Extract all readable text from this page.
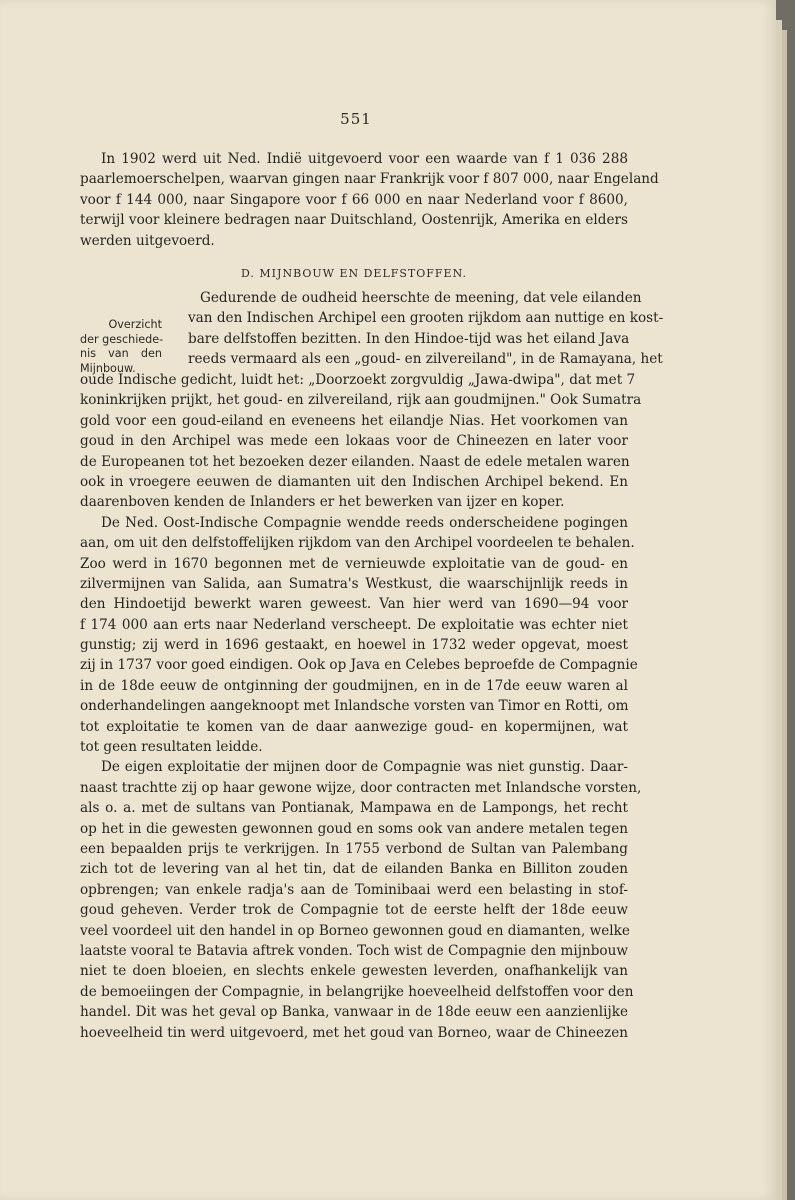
551
In 1902 werd uit Ned. Indië uitgevoerd voor een waarde van f 1 036 288
paarlemoerschelpen, waarvan gingen naar Frankrijk voor f 807 000, naar Engeland
voor f 144 000, naar Singapore voor f 66 000 en naar Nederland voor f 8600,
terwijl voor kleinere bedragen naar Duitschland, Oostenrijk, Amerika en elders
werden uitgevoerd.
D. MIJNBOUW EN DELFSTOFFEN.
Overzicht
der geschiede-
nis van den
Mijnbouw.
Gedurende de oudheid heerschte de meening, dat vele eilanden
van den Indischen Archipel een grooten rijkdom aan nuttige en kost-
bare delfstoffen bezitten. In den Hindoe-tijd was het eiland Java
reeds vermaard als een „goud- en zilvereiland", in de Ramayana, het
oude Indische gedicht, luidt het: „Doorzoekt zorgvuldig „Jawa-dwipa", dat met 7
koninkrijken prijkt, het goud- en zilvereiland, rijk aan goudmijnen." Ook Sumatra
gold voor een goud-eiland en eveneens het eilandje Nias. Het voorkomen van
goud in den Archipel was mede een lokaas voor de Chineezen en later voor
de Europeanen tot het bezoeken dezer eilanden. Naast de edele metalen waren
ook in vroegere eeuwen de diamanten uit den Indischen Archipel bekend. En
daarenboven kenden de Inlanders er het bewerken van ijzer en koper.
De Ned. Oost-Indische Compagnie wendde reeds onderscheidene pogingen
aan, om uit den delfstoffelijken rijkdom van den Archipel voordeelen te behalen.
Zoo werd in 1670 begonnen met de vernieuwde exploitatie van de goud- en
zilvermijnen van Salida, aan Sumatra's Westkust, die waarschijnlijk reeds in
den Hindoetijd bewerkt waren geweest. Van hier werd van 1690—94 voor
f 174 000 aan erts naar Nederland verscheept. De exploitatie was echter niet
gunstig; zij werd in 1696 gestaakt, en hoewel in 1732 weder opgevat, moest
zij in 1737 voor goed eindigen. Ook op Java en Celebes beproefde de Compagnie
in de 18de eeuw de ontginning der goudmijnen, en in de 17de eeuw waren al
onderhandelingen aangeknoopt met Inlandsche vorsten van Timor en Rotti, om
tot exploitatie te komen van de daar aanwezige goud- en kopermijnen, wat
tot geen resultaten leidde.
De eigen exploitatie der mijnen door de Compagnie was niet gunstig. Daar-
naast trachtte zij op haar gewone wijze, door contracten met Inlandsche vorsten,
als o. a. met de sultans van Pontianak, Mampawa en de Lampongs, het recht
op het in die gewesten gewonnen goud en soms ook van andere metalen tegen
een bepaalden prijs te verkrijgen. In 1755 verbond de Sultan van Palembang
zich tot de levering van al het tin, dat de eilanden Banka en Billiton zouden
opbrengen; van enkele radja's aan de Tominibaai werd een belasting in stof-
goud geheven. Verder trok de Compagnie tot de eerste helft der 18de eeuw
veel voordeel uit den handel in op Borneo gewonnen goud en diamanten, welke
laatste vooral te Batavia aftrek vonden. Toch wist de Compagnie den mijnbouw
niet te doen bloeien, en slechts enkele gewesten leverden, onafhankelijk van
de bemoeiingen der Compagnie, in belangrijke hoeveelheid delfstoffen voor den
handel. Dit was het geval op Banka, vanwaar in de 18de eeuw een aanzienlijke
hoeveelheid tin werd uitgevoerd, met het goud van Borneo, waar de Chineezen
